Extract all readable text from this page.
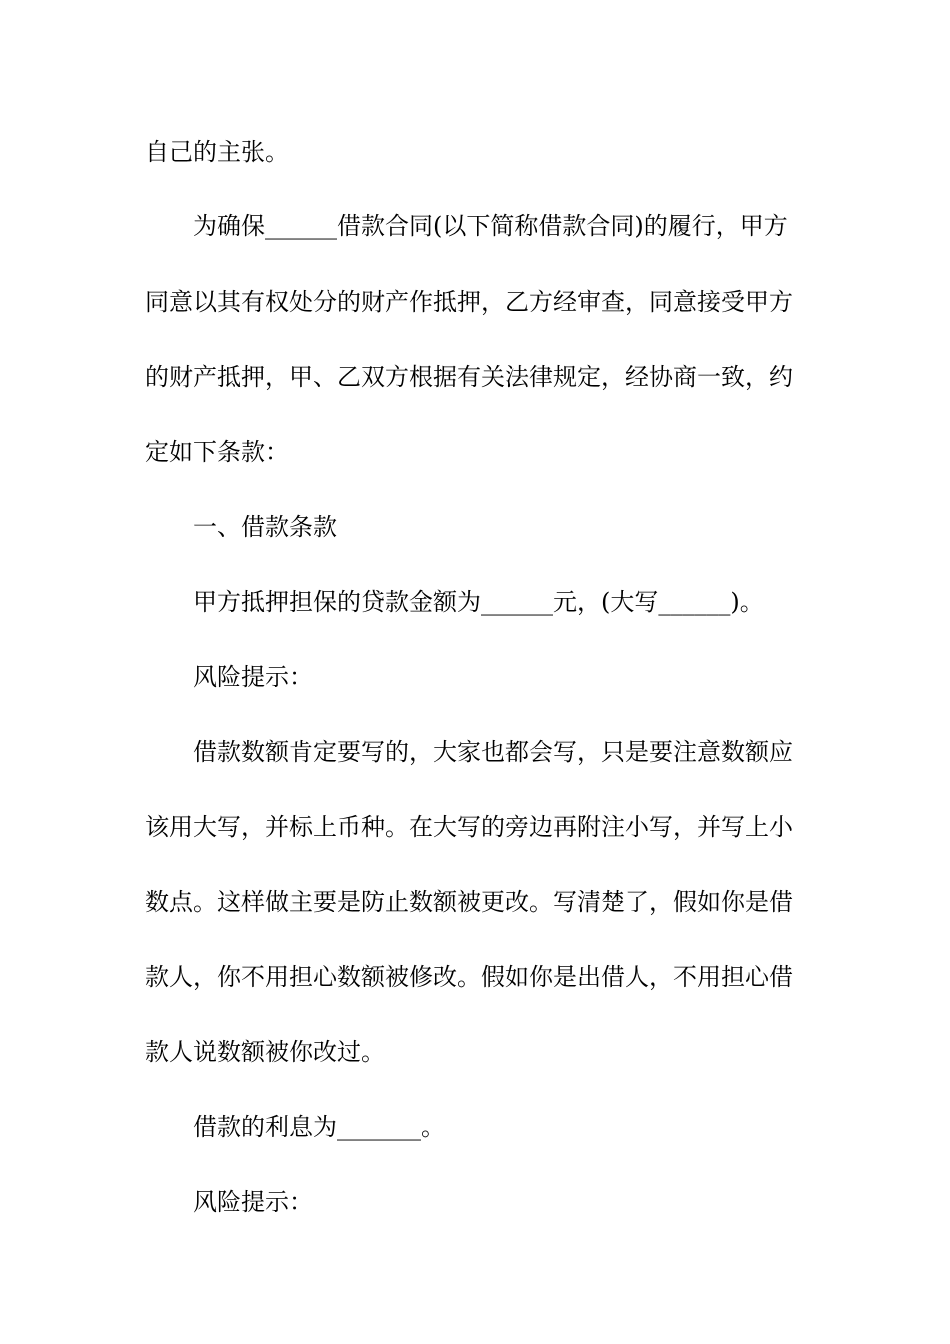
自己的主张。
为确保______借款合同(以下简称借款合同)的履行，甲方
同意以其有权处分的财产作抵押，乙方经审查，同意接受甲方
的财产抵押，甲、乙双方根据有关法律规定，经协商一致，约
定如下条款：
一、借款条款
甲方抵押担保的贷款金额为______元，(大写______)。
风险提示：
借款数额肯定要写的，大家也都会写，只是要注意数额应
该用大写，并标上币种。在大写的旁边再附注小写，并写上小
数点。这样做主要是防止数额被更改。写清楚了，假如你是借
款人，你不用担心数额被修改。假如你是出借人，不用担心借
款人说数额被你改过。
借款的利息为_______。
风险提示：
